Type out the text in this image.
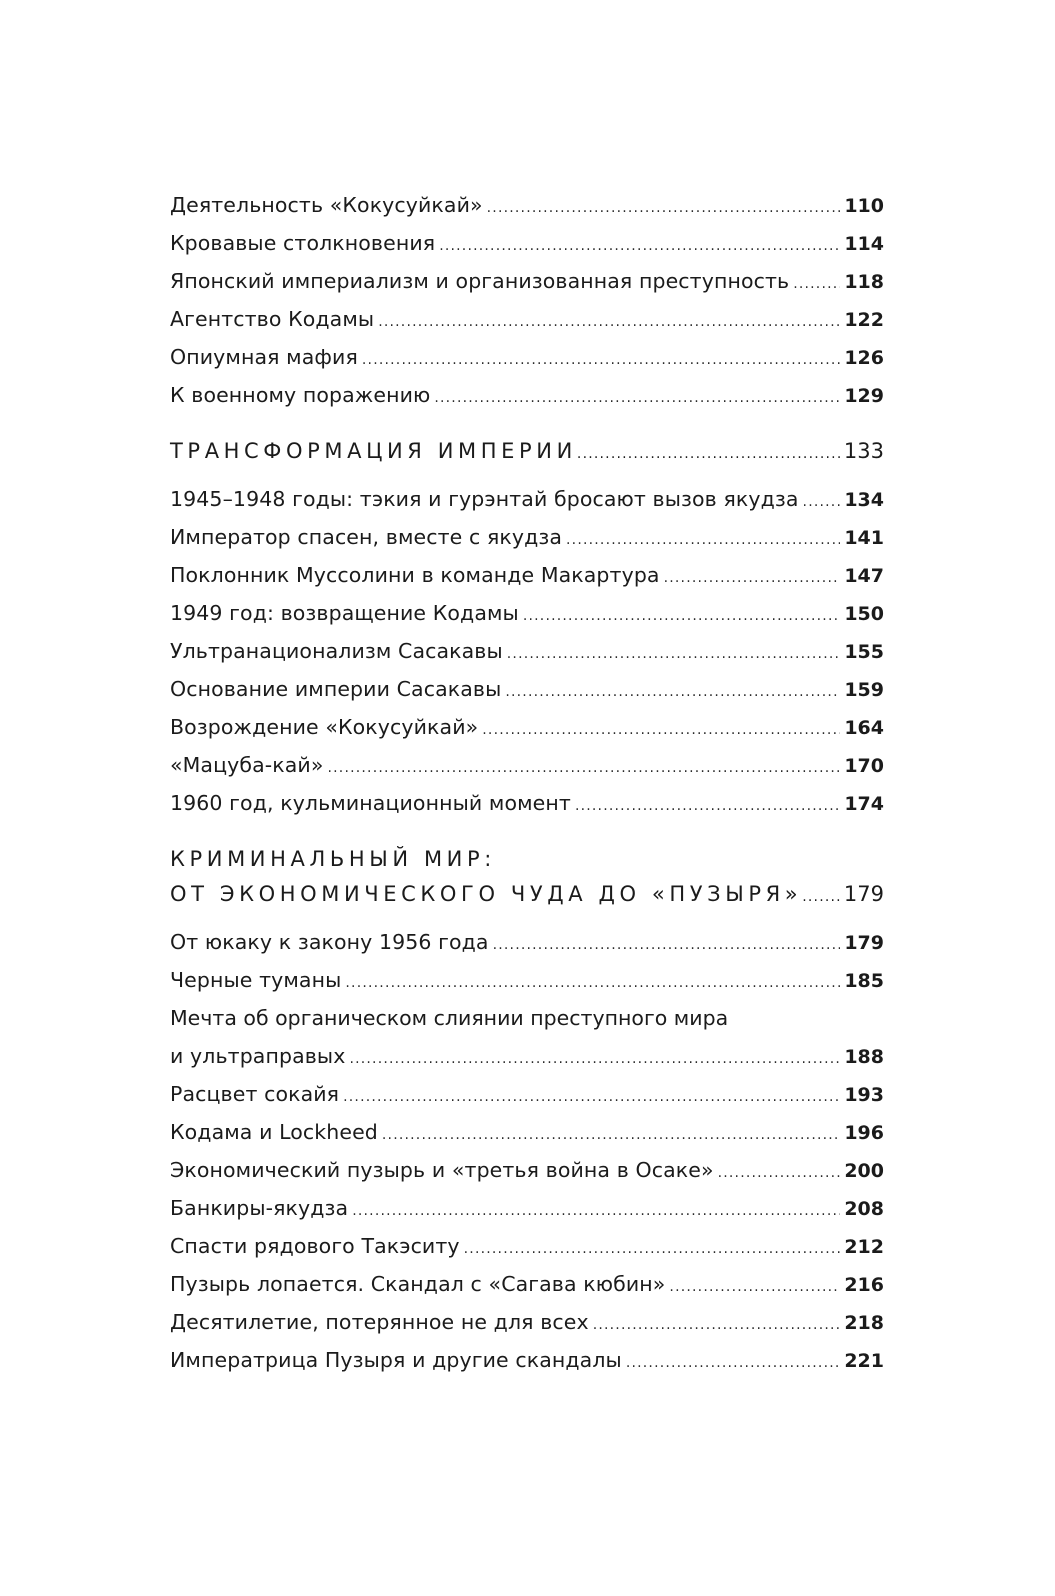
Деятельность «Кокусуйкай» .....	110
Кровавые столкновения .....	114
Японский империализм и организованная преступность .....	118
Агентство Кодамы .....	122
Опиумная мафия .....	126
К военному поражению .....	129
ТРАНСФОРМАЦИЯ ИМПЕРИИ .....	133
1945–1948 годы: тэкия и гурэнтай бросают вызов якудза ..... 134
Император спасен, вместе с якудза .....	141
Поклонник Муссолини в команде Макартура .....	147
1949 год: возвращение Кодамы .....	150
Ультранационализм Сасакавы .....	155
Основание империи Сасакавы .....	159
Возрождение «Кокусуйкай» .....	164
«Мацуба-кай» .....	170
1960 год, кульминационный момент .....	174
КРИМИНАЛЬНЫЙ МИР:
ОТ ЭКОНОМИЧЕСКОГО ЧУДА ДО «ПУЗЫРЯ» ..... 179
От юкаку к закону 1956 года .....	179
Черные туманы .....	185
Мечта об органическом слиянии преступного мира
и ультраправых .....	188
Расцвет сокайя .....	193
Кодама и Lockheed .....	196
Экономический пузырь и «третья война в Осаке» .....	200
Банкиры-якудза .....	208
Спасти рядового Такэситу .....	212
Пузырь лопается. Скандал с «Сагава кюбин» .....	216
Десятилетие, потерянное не для всех .....	218
Императрица Пузыря и другие скандалы .....	221
